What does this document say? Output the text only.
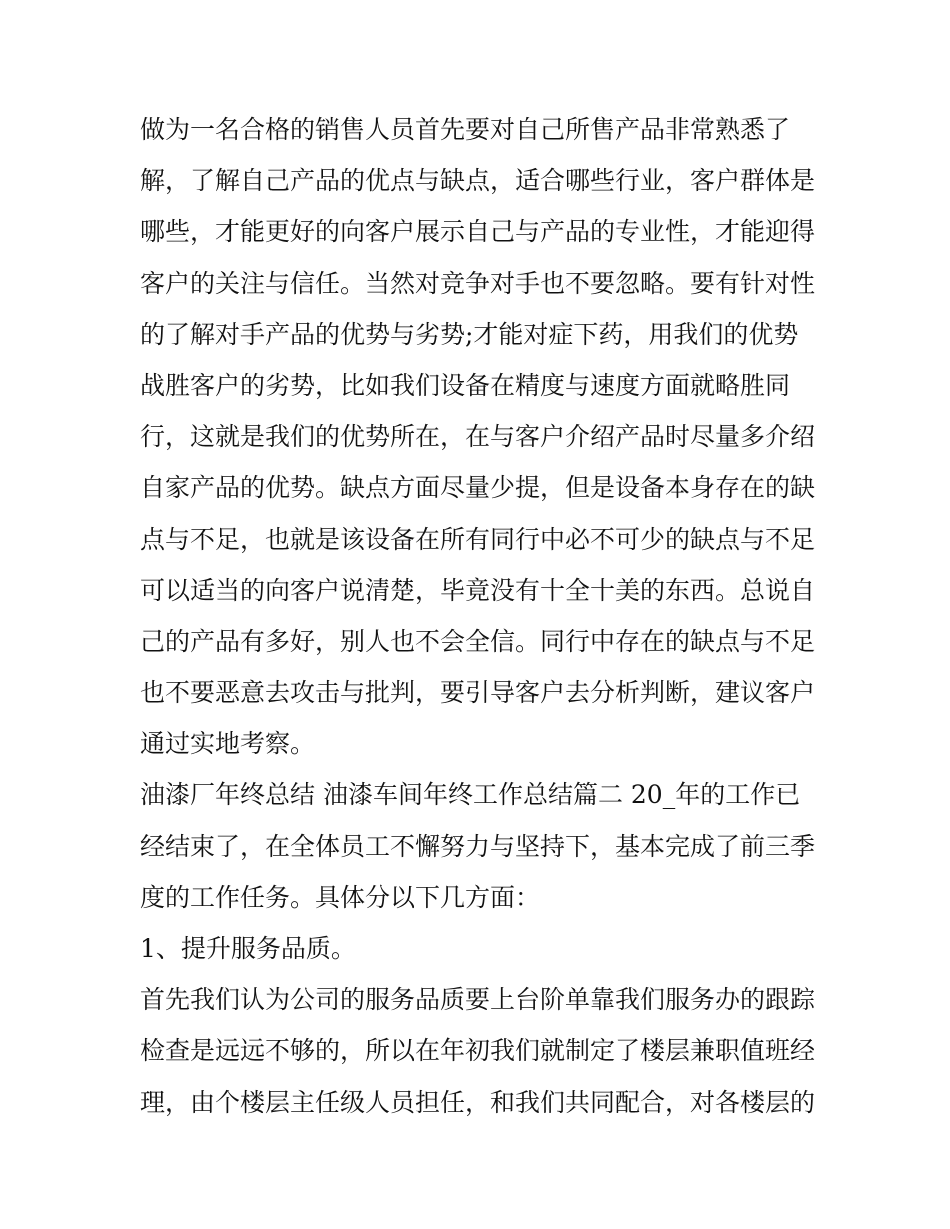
做为一名合格的销售人员首先要对自己所售产品非常熟悉了
解，了解自己产品的优点与缺点，适合哪些行业，客户群体是
哪些，才能更好的向客户展示自己与产品的专业性，才能迎得
客户的关注与信任。当然对竞争对手也不要忽略。要有针对性
的了解对手产品的优势与劣势;才能对症下药，用我们的优势
战胜客户的劣势，比如我们设备在精度与速度方面就略胜同
行，这就是我们的优势所在，在与客户介绍产品时尽量多介绍
自家产品的优势。缺点方面尽量少提，但是设备本身存在的缺
点与不足，也就是该设备在所有同行中必不可少的缺点与不足
可以适当的向客户说清楚，毕竟没有十全十美的东西。总说自
己的产品有多好，别人也不会全信。同行中存在的缺点与不足
也不要恶意去攻击与批判，要引导客户去分析判断，建议客户
通过实地考察。
油漆厂年终总结 油漆车间年终工作总结篇二 20_年的工作已
经结束了，在全体员工不懈努力与坚持下，基本完成了前三季
度的工作任务。具体分以下几方面：
1、提升服务品质。
首先我们认为公司的服务品质要上台阶单靠我们服务办的跟踪
检查是远远不够的，所以在年初我们就制定了楼层兼职值班经
理，由个楼层主任级人员担任，和我们共同配合，对各楼层的
